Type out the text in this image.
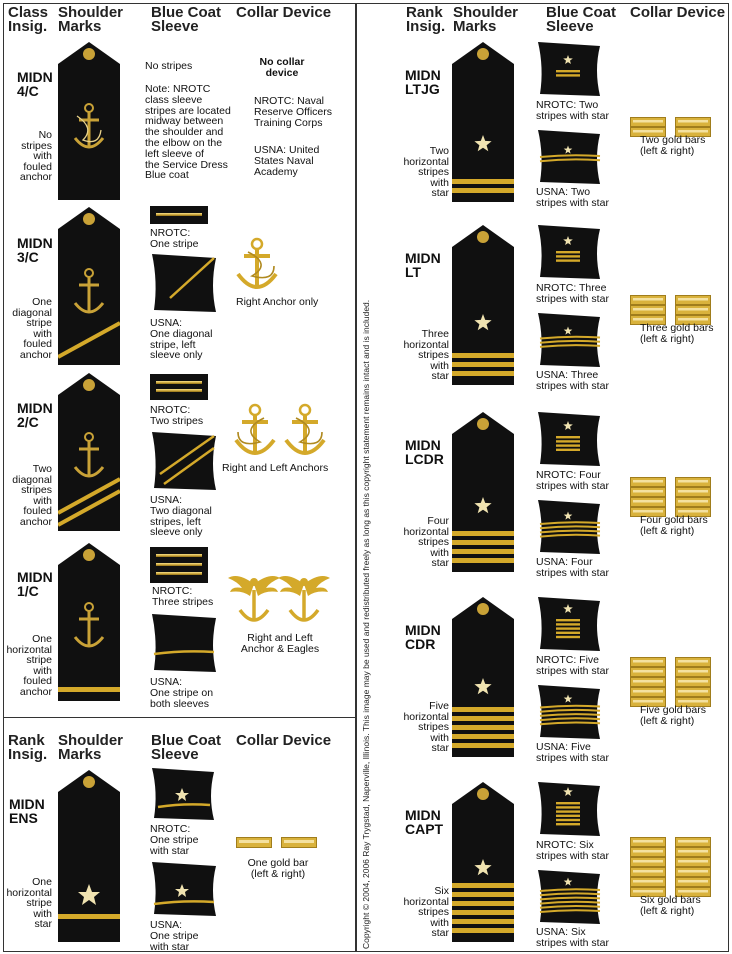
Class
Insig.
Shoulder
Marks
Blue Coat
Sleeve
Collar Device
Rank
Insig.
Shoulder
Marks
Blue Coat
Sleeve
Collar Device
Rank
Insig.
Shoulder
Marks
Blue Coat
Sleeve
Collar Device
MIDN
4/C
No
stripes
with
fouled
anchor
No stripes
Note: NROTC
class sleeve
stripes are located
midway between
the shoulder and
the elbow on the
left sleeve of
the Service Dress
Blue coat
No collar
device
NROTC: Naval
Reserve Officers
Training Corps
USNA: United
States Naval
Academy
MIDN
3/C
One
diagonal
stripe
with
fouled
anchor
NROTC:
One stripe
USNA:
One diagonal
stripe, left
sleeve only
Right Anchor only
MIDN
2/C
Two
diagonal
stripes
with
fouled
anchor
NROTC:
Two stripes
USNA:
Two diagonal
stripes, left
sleeve only
Right and Left Anchors
MIDN
1/C
One
horizontal
stripe
with
fouled
anchor
NROTC:
Three stripes
USNA:
One stripe on
both sleeves
Right and Left
Anchor & Eagles
MIDN
ENS
One
horizontal
stripe
with
star
NROTC:
One stripe
with star
USNA:
One stripe
with star
One gold bar
(left & right)	Copyright © 2004, 2006 Ray Trygstad, Naperville, Illinois. This image may be used and redistributed freely as long as this copyright statement remains intact and is included.
MIDN
LTJG
Two
horizontal
stripes
with
star
NROTC: Two
stripes with star
USNA: Two
stripes with star
Two gold bars
(left & right)
MIDN
LT
Three
horizontal
stripes
with
star
NROTC: Three
stripes with star
USNA: Three
stripes with star
Three gold bars
(left & right)
MIDN
LCDR
Four
horizontal
stripes
with
star
NROTC: Four
stripes with star
USNA: Four
stripes with star
Four gold bars
(left & right)
MIDN
CDR
Five
horizontal
stripes
with
star
NROTC: Five
stripes with star
USNA: Five
stripes with star
Five gold bars
(left & right)
MIDN
CAPT
Six
horizontal
stripes
with
star
NROTC: Six
stripes with star
USNA: Six
stripes with star
Six gold bars
(left & right)
